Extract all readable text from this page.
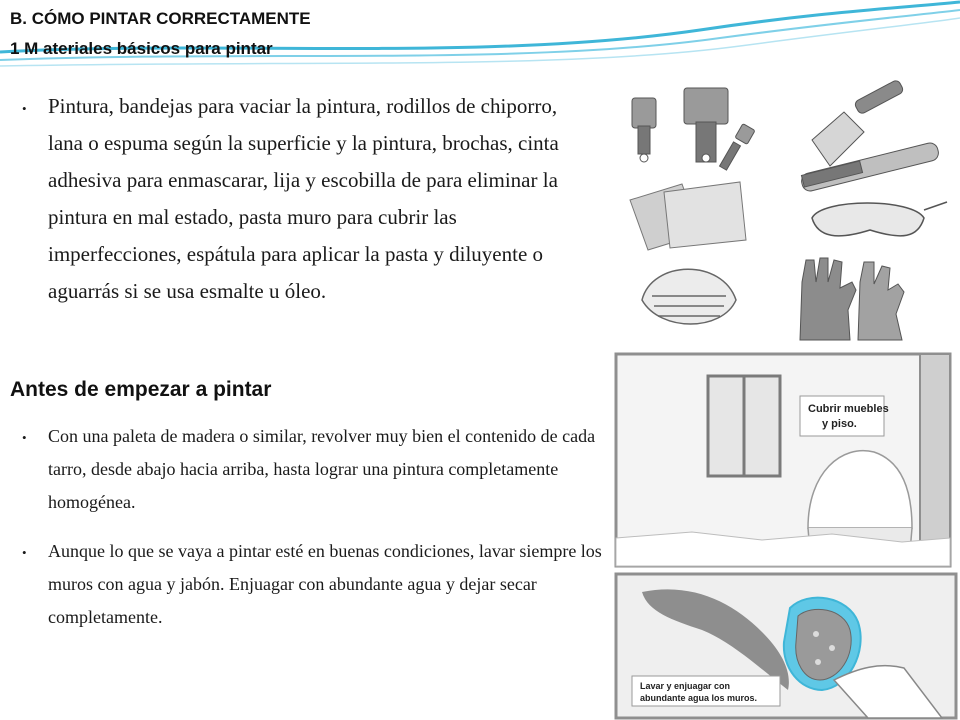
B. CÓMO PINTAR CORRECTAMENTE
1 M ateriales básicos para pintar
• Pintura, bandejas para vaciar la pintura, rodillos de chiporro, lana o espuma según la superficie y la pintura, brochas, cinta adhesiva para enmascarar, lija y escobilla de para eliminar la pintura en mal estado, pasta muro para cubrir las imperfecciones, espátula para aplicar la pasta y diluyente o aguarrás si se usa esmalte u óleo.
Antes de empezar a pintar
• Con una paleta de madera o similar, revolver muy bien el contenido de cada tarro, desde abajo hacia arriba, hasta lograr una pintura completamente homogénea.
• Aunque lo que se vaya a pintar esté en buenas condiciones, lavar siempre los muros con agua y jabón. Enjuagar con abundante agua y dejar secar completamente.
Cubrir muebles
y piso.
Lavar y enjuagar con
abundante agua los muros.
